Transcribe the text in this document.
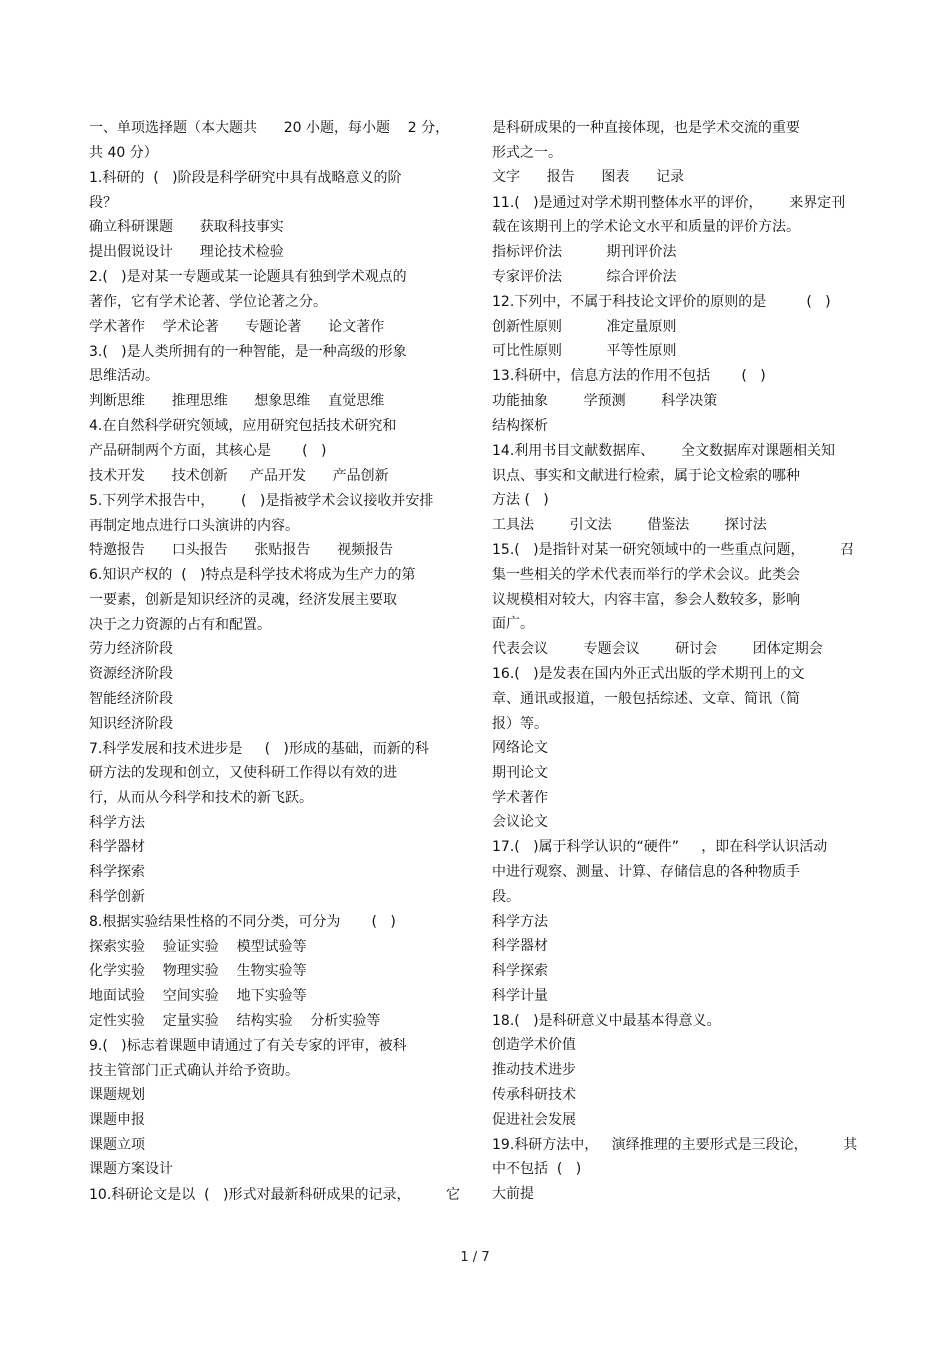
一、单项选择题（本大题共      20 小题，每小题    2 分，
共 40 分）
1.科研的  (   )阶段是科学研究中具有战略意义的阶
段？
确立科研课题      获取科技事实
提出假说设计      理论技术检验
2.(   )是对某一专题或某一论题具有独到学术观点的
著作，它有学术论著、学位论著之分。
学术著作    学术论著      专题论著      论文著作
3.(   )是人类所拥有的一种智能，是一种高级的形象
思维活动。
判断思维      推理思维      想象思维    直觉思维
4.在自然科学研究领域，应用研究包括技术研究和
产品研制两个方面，其核心是       (   )
技术开发      技术创新     产品开发      产品创新
5.下列学术报告中，      (   )是指被学术会议接收并安排
再制定地点进行口头演讲的内容。
特邀报告      口头报告      张贴报告      视频报告
6.知识产权的  (   )特点是科学技术将成为生产力的第
一要素，创新是知识经济的灵魂，经济发展主要取
决于之力资源的占有和配置。
劳力经济阶段
资源经济阶段
智能经济阶段
知识经济阶段
7.科学发展和技术进步是     (   )形成的基础，而新的科
研方法的发现和创立，又使科研工作得以有效的进
行，从而从今科学和技术的新飞跃。
科学方法
科学器材
科学探索
科学创新
8.根据实验结果性格的不同分类，可分为       (   )
探索实验    验证实验    模型试验等
化学实验    物理实验    生物实验等
地面试验    空间实验    地下实验等
定性实验    定量实验    结构实验    分析实验等
9.(   )标志着课题申请通过了有关专家的评审，被科
技主管部门正式确认并给予资助。
课题规划
课题申报
课题立项
课题方案设计
10.科研论文是以  (   )形式对最新科研成果的记录，        它
是科研成果的一种直接体现，也是学术交流的重要
形式之一。
文字      报告      图表      记录
11.(   )是通过对学术期刊整体水平的评价，      来界定刊
载在该期刊上的学术论文水平和质量的评价方法。
指标评价法          期刊评价法
专家评价法          综合评价法
12.下列中，不属于科技论文评价的原则的是         (   )
创新性原则          准定量原则
可比性原则          平等性原则
13.科研中，信息方法的作用不包括       (   )
功能抽象        学预测        科学决策
结构探析
14.利用书目文献数据库、      全文数据库对课题相关知
识点、事实和文献进行检索，属于论文检索的哪种
方法 (   )
工具法        引文法        借鉴法        探讨法
15.(   )是指针对某一研究领域中的一些重点问题，        召
集一些相关的学术代表而举行的学术会议。此类会
议规模相对较大，内容丰富，参会人数较多，影响
面广。
代表会议        专题会议        研讨会        团体定期会
16.(   )是发表在国内外正式出版的学术期刊上的文
章、通讯或报道，一般包括综述、文章、简讯（简
报）等。
网络论文
期刊论文
学术著作
会议论文
17.(   )属于科学认识的“硬件”     ，即在科学认识活动
中进行观察、测量、计算、存储信息的各种物质手
段。
科学方法
科学器材
科学探索
科学计量
18.(   )是科研意义中最基本得意义。
创造学术价值
推动技术进步
传承科研技术
促进社会发展
19.科研方法中，   演绎推理的主要形式是三段论，        其
中不包括  (   )
大前提
1 / 7
